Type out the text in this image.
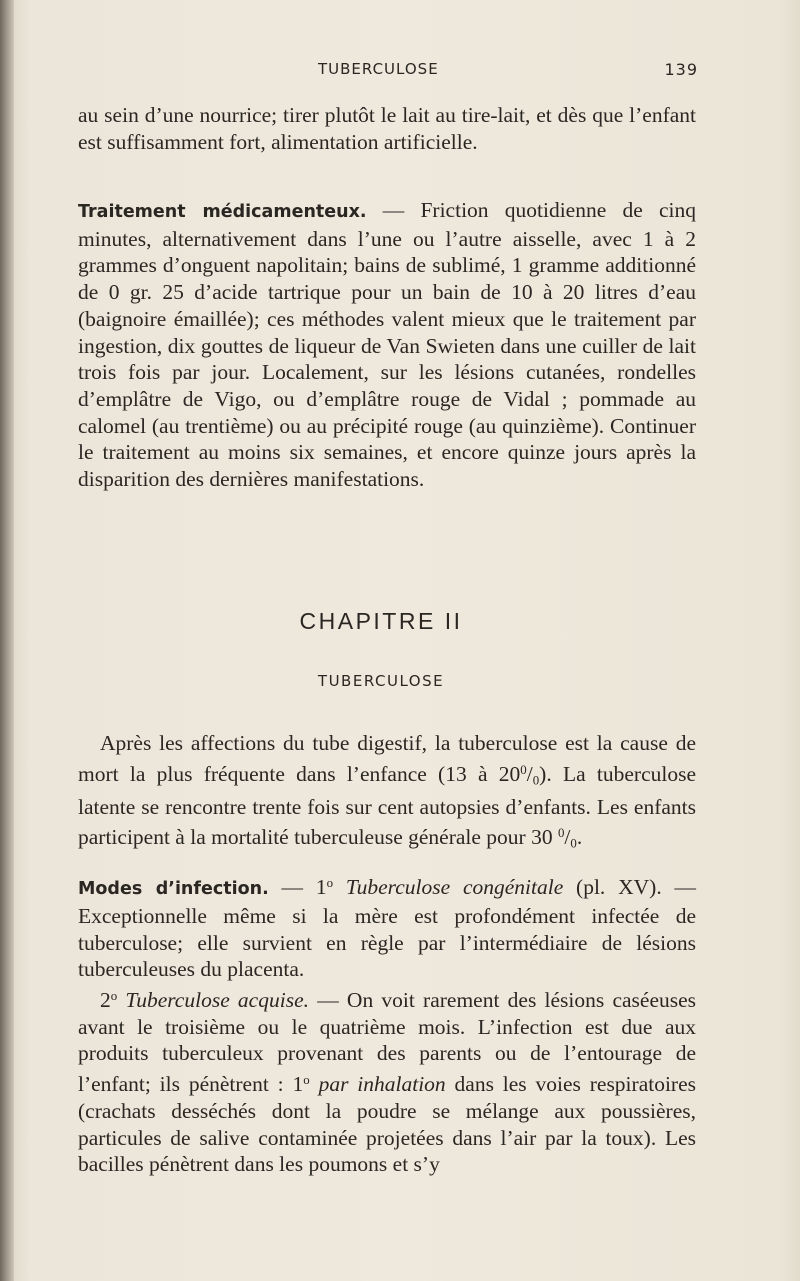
TUBERCULOSE	139

au sein d’une nourrice; tirer plutôt le lait au tire-lait, et dès que l’enfant est suffisamment fort, alimentation artificielle.

Traitement médicamenteux. — Friction quotidienne de cinq minutes, alternativement dans l’une ou l’autre aisselle, avec 1 à 2 grammes d’onguent napolitain; bains de sublimé, 1 gramme additionné de 0 gr. 25 d’acide tartrique pour un bain de 10 à 20 litres d’eau (baignoire émaillée); ces méthodes valent mieux que le traitement par ingestion, dix gouttes de liqueur de Van Swieten dans une cuiller de lait trois fois par jour. Localement, sur les lésions cutanées, rondelles d’emplâtre de Vigo, ou d’emplâtre rouge de Vidal ; pommade au calomel (au trentième) ou au précipité rouge (au quinzième). Continuer le traitement au moins six semaines, et encore quinze jours après la disparition des dernières manifestations.

CHAPITRE II
TUBERCULOSE

Après les affections du tube digestif, la tuberculose est la cause de mort la plus fréquente dans l’enfance (13 à $20^0/_0$). La tuberculose latente se rencontre trente fois sur cent autopsies d’enfants. Les enfants participent à la mortalité tuberculeuse générale pour 30 $^0/_0$.

Modes d’infection. — 1$^o$ Tuberculose congénitale (pl. XV). — Exceptionnelle même si la mère est profondément infectée de tuberculose; elle survient en règle par l’intermédiaire de lésions tuberculeuses du placenta.

2$^o$ Tuberculose acquise. — On voit rarement des lésions caséeuses avant le troisième ou le quatrième mois. L’infection est due aux produits tuberculeux provenant des parents ou de l’entourage de l’enfant; ils pénètrent : 1$^o$ par inhalation dans les voies respiratoires (crachats desséchés dont la poudre se mélange aux poussières, particules de salive contaminée projetées dans l’air par la toux). Les bacilles pénètrent dans les poumons et s’y
